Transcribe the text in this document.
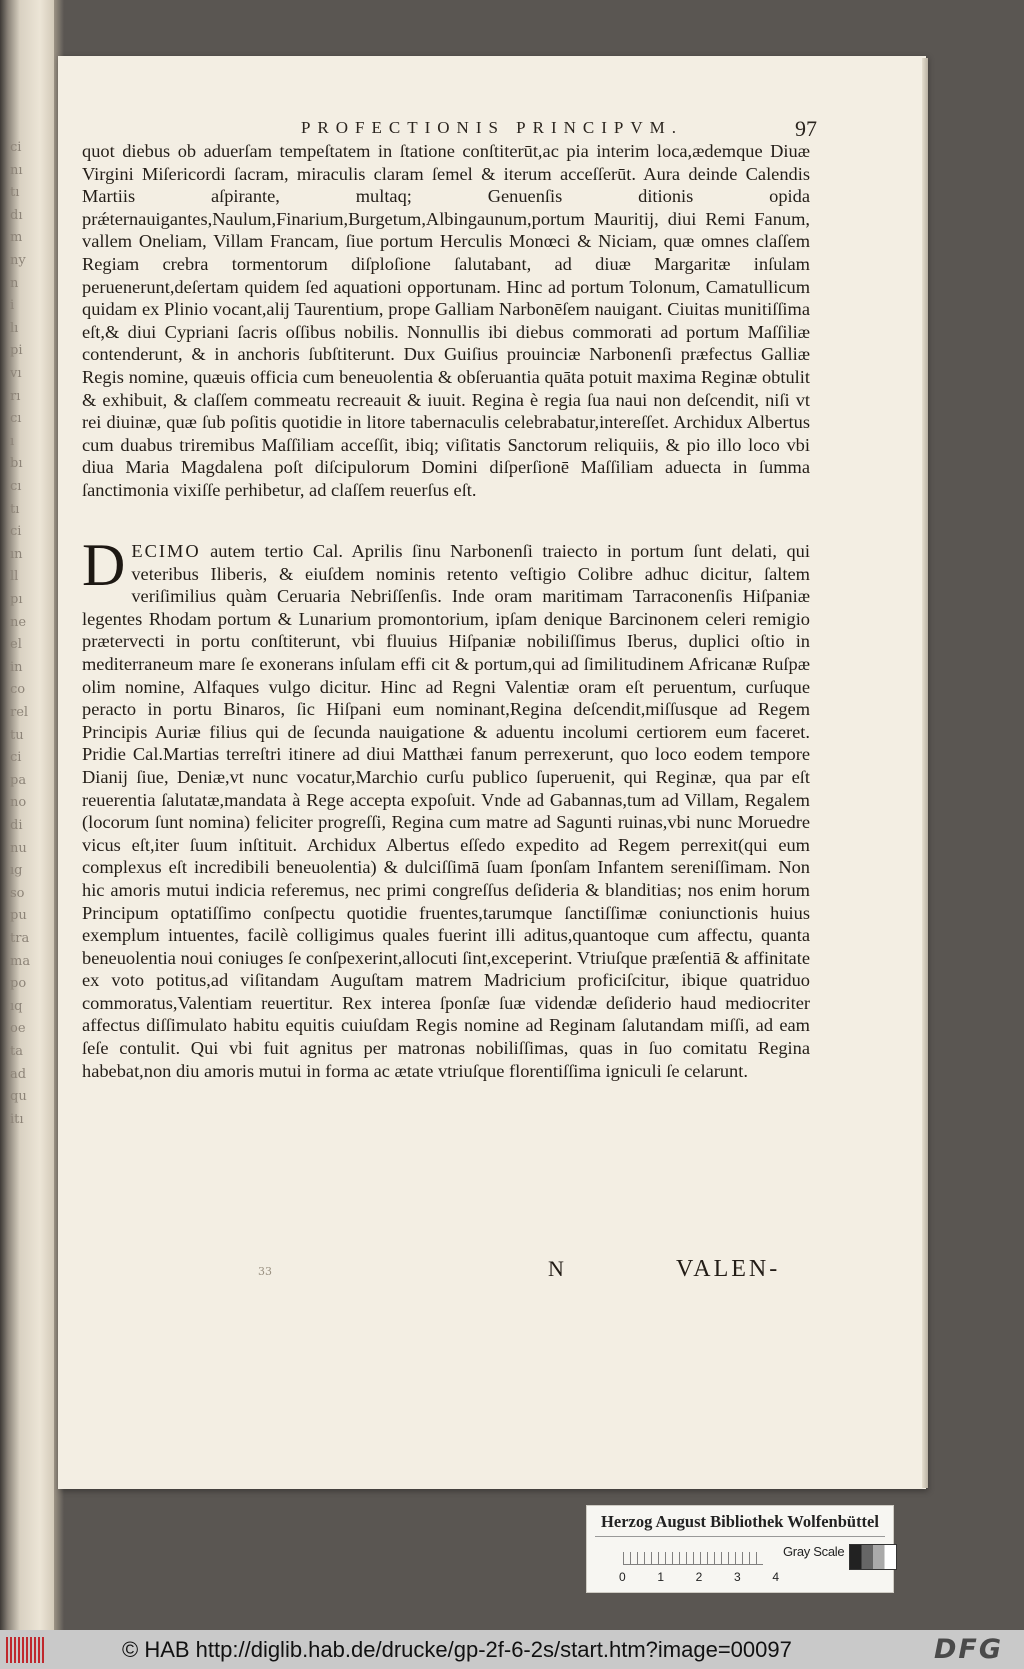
ci
nı
tı
dı
m
ny
n
i
lı
pi
vı
rı
cı
ı
bı
cı
tı
ci
ın
ll
pı
ne
el
in
co
rel
tu
ci
pa
no
di
nu
ıg
so
pu
tra
ma
po
ıq
oe
ta
ad
qu
itı
PROFECTIONIS PRINCIPVM.	97

quot diebus ob aduerſam tempeſtatem in ſtatione conſtiterūt,ac pia interim loca,ædemque Diuæ Virgini Miſericordi ſacram, miraculis claram ſemel & iterum acceſſerūt. Aura deinde Calendis Martiis aſpirante, multaq; Genuenſis ditionis opida prǽternauigantes,Naulum,Finarium,Burgetum,Albingaunum,portum Mauritij, diui Remi Fanum, vallem Oneliam, Villam Francam, ſiue portum Herculis Monœci & Niciam, quæ omnes claſſem Regiam crebra tormentorum diſploſione ſalutabant, ad diuæ Margaritæ inſulam peruenerunt,deſertam quidem ſed aquationi opportunam. Hinc ad portum Tolonum, Camatullicum quidam ex Plinio vocant,alij Taurentium, prope Galliam Narbonēſem nauigant. Ciuitas munitiſſima eſt,& diui Cypriani ſacris oſſibus nobilis. Nonnullis ibi diebus commorati ad portum Maſſiliæ contenderunt, & in anchoris ſubſtiterunt. Dux Guiſius prouinciæ Narbonenſi præfectus Galliæ Regis nomine, quæuis officia cum beneuolentia & obſeruantia quāta potuit maxima Reginæ obtulit & exhibuit, & claſſem commeatu recreauit & iuuit. Regina è regia ſua naui non deſcendit, niſi vt rei diuinæ, quæ ſub poſitis quotidie in litore tabernaculis celebrabatur,intereſſet. Archidux Albertus cum duabus triremibus Maſſiliam acceſſit, ibiq; viſitatis Sanctorum reliquiis, & pio illo loco vbi diua Maria Magdalena poſt diſcipulorum Domini diſperſionē Maſſiliam aduecta in ſumma ſanctimonia vixiſſe perhibetur, ad claſſem reuerſus eſt.

DECIMO autem tertio Cal. Aprilis ſinu Narbonenſi traiecto in portum ſunt delati, qui veteribus Iliberis, & eiuſdem nominis retento veſtigio Colibre adhuc dicitur, ſaltem veriſimilius quàm Ceruaria Nebriſſenſis. Inde oram maritimam Tarraconenſis Hiſpaniæ legentes Rhodam portum & Lunarium promontorium, ipſam denique Barcinonem celeri remigio prætervecti in portu conſtiterunt, vbi fluuius Hiſpaniæ nobiliſſimus Iberus, duplici oſtio in mediterraneum mare ſe exonerans inſulam effi cit & portum,qui ad ſimilitudinem Africanæ Ruſpæ olim nomine, Alfaques vulgo dicitur. Hinc ad Regni Valentiæ oram eſt peruentum, curſuque peracto in portu Binaros, ſic Hiſpani eum nominant,Regina deſcendit,miſſusque ad Regem Principis Auriæ filius qui de ſecunda nauigatione & aduentu incolumi certiorem eum faceret. Pridie Cal.Martias terreſtri itinere ad diui Matthæi fanum perrexerunt, quo loco eodem tempore Dianij ſiue, Deniæ,vt nunc vocatur,Marchio curſu publico ſuperuenit, qui Reginæ, qua par eſt reuerentia ſalutatæ,mandata à Rege accepta expoſuit. Vnde ad Gabannas,tum ad Villam, Regalem (locorum ſunt nomina) feliciter progreſſi, Regina cum matre ad Sagunti ruinas,vbi nunc Moruedre vicus eſt,iter ſuum inſtituit. Archidux Albertus eſſedo expedito ad Regem perrexit(qui eum complexus eſt incredibili beneuolentia) & dulciſſimā ſuam ſponſam Infantem sereniſſimam. Non hic amoris mutui indicia referemus, nec primi congreſſus deſideria & blanditias; nos enim horum Principum optatiſſimo conſpectu quotidie fruentes,tarumque ſanctiſſimæ coniunctionis huius exemplum intuentes, facilè colligimus quales fuerint illi aditus,quantoque cum affectu, quanta beneuolentia noui coniuges ſe conſpexerint,allocuti ſint,exceperint. Vtriuſque præſentiā & affinitate ex voto potitus,ad viſitandam Auguſtam matrem Madricium proficiſcitur, ibique quatriduo commoratus,Valentiam reuertitur. Rex interea ſponſæ ſuæ videndæ deſiderio haud mediocriter affectus diſſimulato habitu equitis cuiuſdam Regis nomine ad Reginam ſalutandam miſſi, ad eam ſeſe contulit. Qui vbi fuit agnitus per matronas nobiliſſimas, quas in ſuo comitatu Regina habebat,non diu amoris mutui in forma ac ætate vtriuſque florentiſſima igniculi ſe celarunt.

33	N	VALEN-
Herzog August Bibliothek Wolfenbüttel
0	1	2	3	4
Gray Scale
© HAB http://diglib.hab.de/drucke/gp-2f-6-2s/start.htm?image=00097	DFG
